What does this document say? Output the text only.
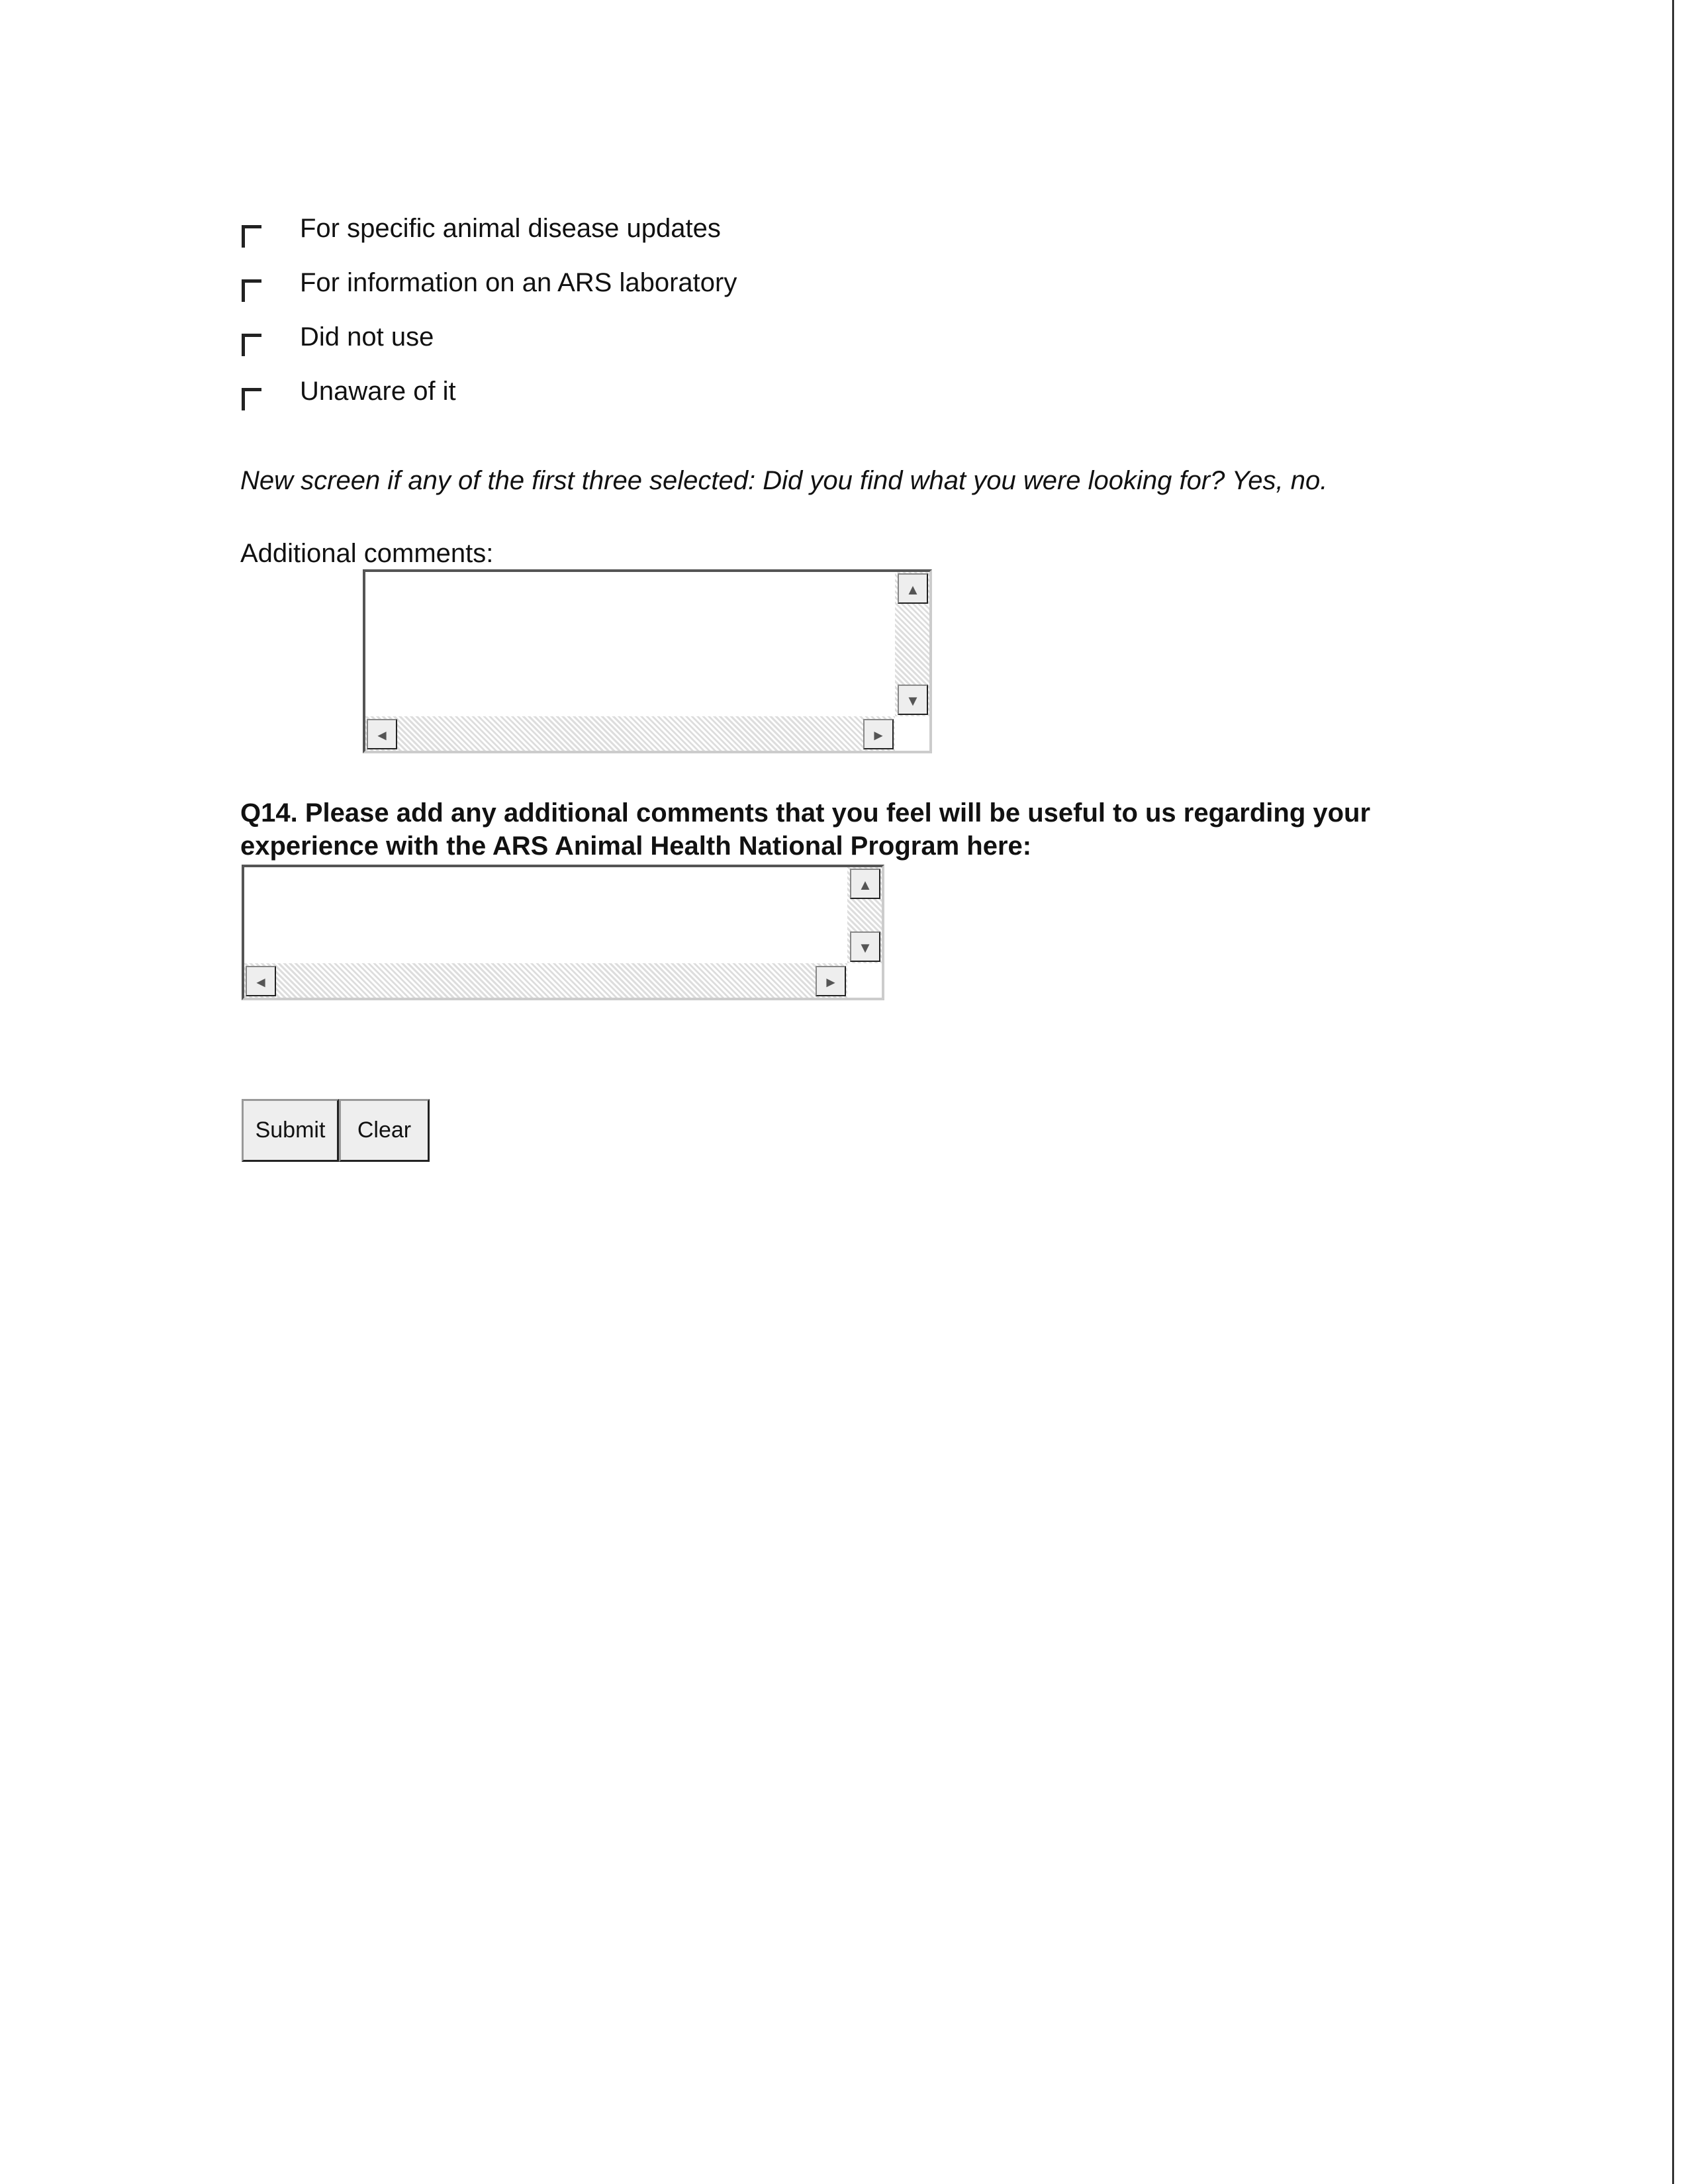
For specific animal disease updates
For information on an ARS laboratory
Did not use
Unaware of it
New screen if any of the first three selected: Did you find what you were looking for? Yes, no.
Additional comments:
▲
▼
◄	►
Q14. Please add any additional comments that you feel will be useful to us regarding your
experience with the ARS Animal Health National Program here:
▲
▼
◄	►
Submit	Clear
